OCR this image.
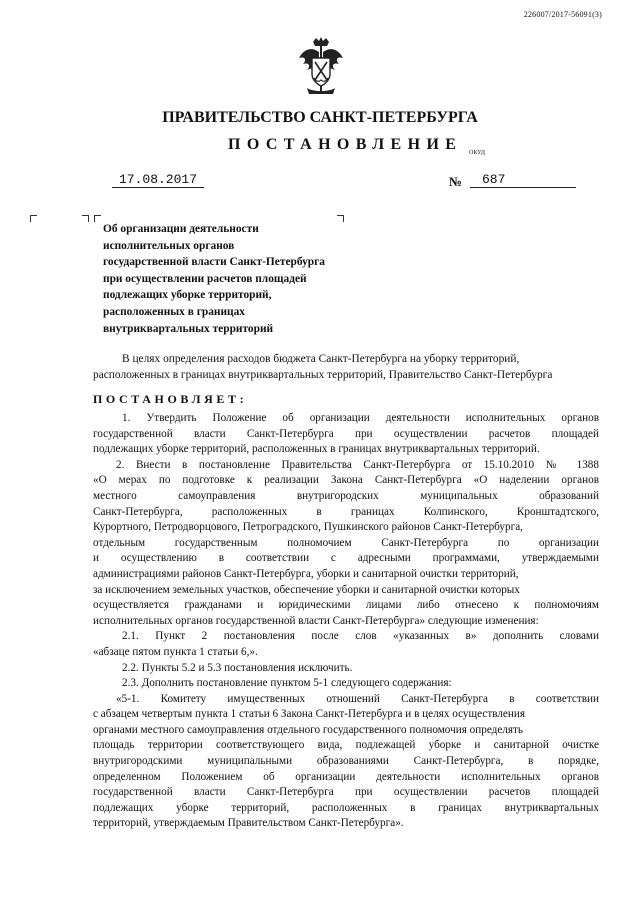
226007/2017-56091(3)
ПРАВИТЕЛЬСТВО САНКТ-ПЕТЕРБУРГА
ПОСТАНОВЛЕНИЕ ОКУД
17.08.2017	№	687
Об организации деятельности
исполнительных органов
государственной власти Санкт-Петербурга
при осуществлении расчетов площадей
подлежащих уборке территорий,
расположенных в границах
внутриквартальных территорий

В целях определения расходов бюджета Санкт-Петербурга на уборку территорий,

расположенных в границах внутриквартальных территорий, Правительство Санкт-Петербурга

ПОСТАНОВЛЯЕТ:
1. Утвердить Положение об организации деятельности исполнительных органов
государственной власти Санкт-Петербурга при осуществлении расчетов площадей
подлежащих уборке территорий, расположенных в границах внутриквартальных территорий.
2. Внести в постановление Правительства Санкт-Петербурга от 15.10.2010 № 1388
«О мерах по подготовке к реализации Закона Санкт-Петербурга «О наделении органов
местного самоуправления внутригородских муниципальных образований
Санкт-Петербурга, расположенных в границах Колпинского, Кронштадтского,
Курортного, Петродворцового, Петроградского, Пушкинского районов Санкт-Петербурга,
отдельным государственным полномочием Санкт-Петербурга по организации
и осуществлению в соответствии с адресными программами, утверждаемыми
администрациями районов Санкт-Петербурга, уборки и санитарной очистки территорий,
за исключением земельных участков, обеспечение уборки и санитарной очистки которых
осуществляется гражданами и юридическими лицами либо отнесено к полномочиям
исполнительных органов государственной власти Санкт-Петербурга» следующие изменения:
2.1. Пункт 2 постановления после слов «указанных в» дополнить словами
«абзаце пятом пункта 1 статьи 6,».
2.2. Пункты 5.2 и 5.3 постановления исключить.
2.3. Дополнить постановление пунктом 5-1 следующего содержания:
«5-1. Комитету имущественных отношений Санкт-Петербурга в соответствии
с абзацем четвертым пункта 1 статьи 6 Закона Санкт-Петербурга и в целях осуществления
органами местного самоуправления отдельного государственного полномочия определять
площадь территории соответствующего вида, подлежащей уборке и санитарной очистке
внутригородскими муниципальными образованиями Санкт-Петербурга, в порядке,
определенном Положением об организации деятельности исполнительных органов
государственной власти Санкт-Петербурга при осуществлении расчетов площадей
подлежащих уборке территорий, расположенных в границах внутриквартальных
территорий, утверждаемым Правительством Санкт-Петербурга».
